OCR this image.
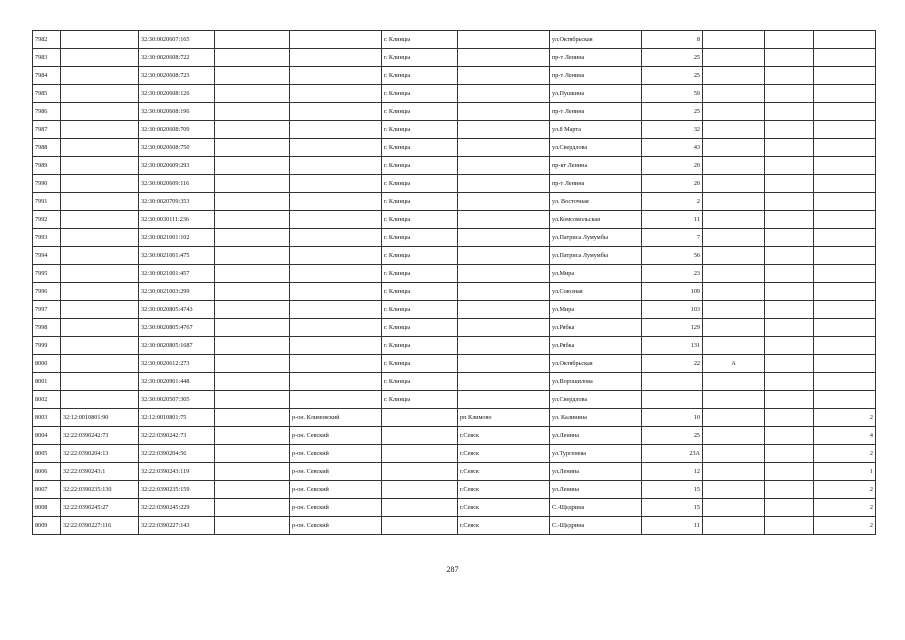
7982		32:30:0020607:165			г. Клинцы		ул.Октябрьская	8			
7983		32:30:0020608:722			г. Клинцы		пр-т Ленина	25			
7984		32:30:0020608:723			г. Клинцы		пр-т Ленина	25			
7985		32:30:0020608:126			г. Клинцы		ул.Пушкина	59			
7986		32:30:0020608:196			г. Клинцы		пр-т Ленина	25			
7987		32:30:0020608:709			г. Клинцы		ул.8 Марта	32			
7988		32:30:0020608:750			г. Клинцы		ул.Свердлова	43			
7989		32:30:0020609:293			г. Клинцы		пр-кт Ленина	20			
7990		32:30:0020609:116			г. Клинцы		пр-т Ленина	20			
7991		32:30:0020709:353			г. Клинцы		ул. Восточная	2			
7992		32:30:0030111:236			г. Клинцы		ул.Комсомольская	11			
7993		32:30:0021001:102			г. Клинцы		ул.Патриса Лумумбы	7			
7994		32:30:0021001:475			г. Клинцы		ул.Патриса Лумумбы	56			
7995		32:30:0021001:457			г. Клинцы		ул.Мира	23			
7996		32:30:0021003:299			г. Клинцы		ул.Союзная	109			
7997		32:30:0020805:4743			г. Клинцы		ул.Мира	103			
7998		32:30:0020805:4767			г. Клинцы		ул.Рябка	129			
7999		32:30:0020805:1687			г. Клинцы		ул.Рябка	131			
8000		32:30:0020612:273			г. Клинцы		ул.Октябрьская	22	А		
8001		32:30:0020901:448			г. Клинцы		ул.Ворошилова				
8002		32:30:0020507:305			г. Клинцы		ул.Свердлова				
8003	32:12:0010801:90	32:12:0010801:75		р-он. Климовский		рп Климово	ул. Калинина	10			2
8004	32:22:0390242:73	32:22:0390242:73		р-он. Севский		г.Севск	ул.Ленина	25			4
8005	32:22:0390204:13	32:22:0390204:56		р-он. Севский		г.Севск	ул.Тургенева	23А			2
8006	32:22:0390243:1	32:22:0390243:119		р-он. Севский		г.Севск	ул.Ленина	12			1
8007	32:22:0390235:130	32:22:0390235:159		р-он. Севский		г.Севск	ул.Ленина	15			2
8008	32:22:0390245:27	32:22:0390245:229		р-он. Севский		г.Севск	С.-Щедрина	15			2
8009	32:22:0390227:116	32:22:0390227:143		р-он. Севский		г.Севск	С.-Щедрина	11			2
287
